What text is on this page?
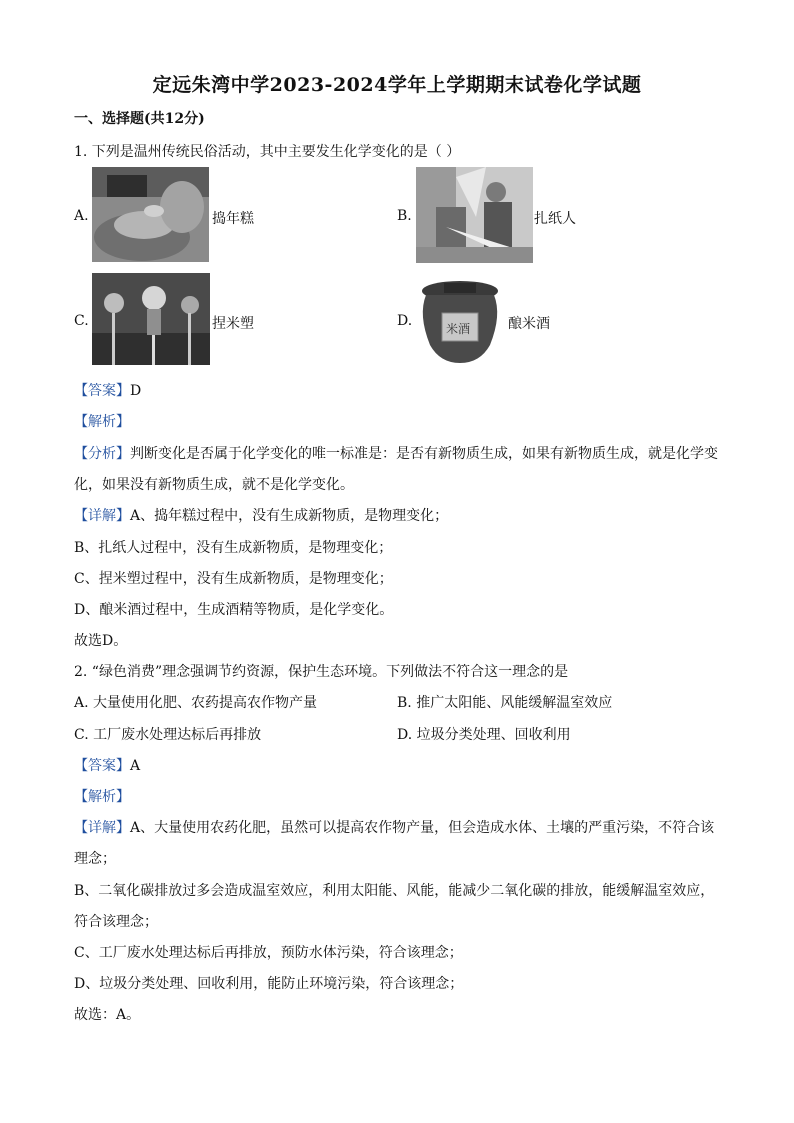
定远朱湾中学2023-2024学年上学期期末试卷化学试题
一、选择题(共12分)
1. 下列是温州传统民俗活动，其中主要发生化学变化的是（ ）
A.	捣年糕	B.	扎纸人
C.	捏米塑	D.	米酒	酿米酒
【答案】D
【解析】
【分析】判断变化是否属于化学变化的唯一标准是：是否有新物质生成，如果有新物质生成，就是化学变
化，如果没有新物质生成，就不是化学变化。
【详解】A、捣年糕过程中，没有生成新物质，是物理变化；
B、扎纸人过程中，没有生成新物质，是物理变化；
C、捏米塑过程中，没有生成新物质，是物理变化；
D、酿米酒过程中，生成酒精等物质，是化学变化。
故选D。
2. “绿色消费”理念强调节约资源，保护生态环境。下列做法不符合这一理念的是
A. 大量使用化肥、农药提高农作物产量	B. 推广太阳能、风能缓解温室效应
C. 工厂废水处理达标后再排放	D. 垃圾分类处理、回收利用
【答案】A
【解析】
【详解】A、大量使用农药化肥，虽然可以提高农作物产量，但会造成水体、土壤的严重污染，不符合该
理念；
B、二氧化碳排放过多会造成温室效应，利用太阳能、风能，能减少二氧化碳的排放，能缓解温室效应，
符合该理念；
C、工厂废水处理达标后再排放，预防水体污染，符合该理念；
D、垃圾分类处理、回收利用，能防止环境污染，符合该理念；
故选：A。
